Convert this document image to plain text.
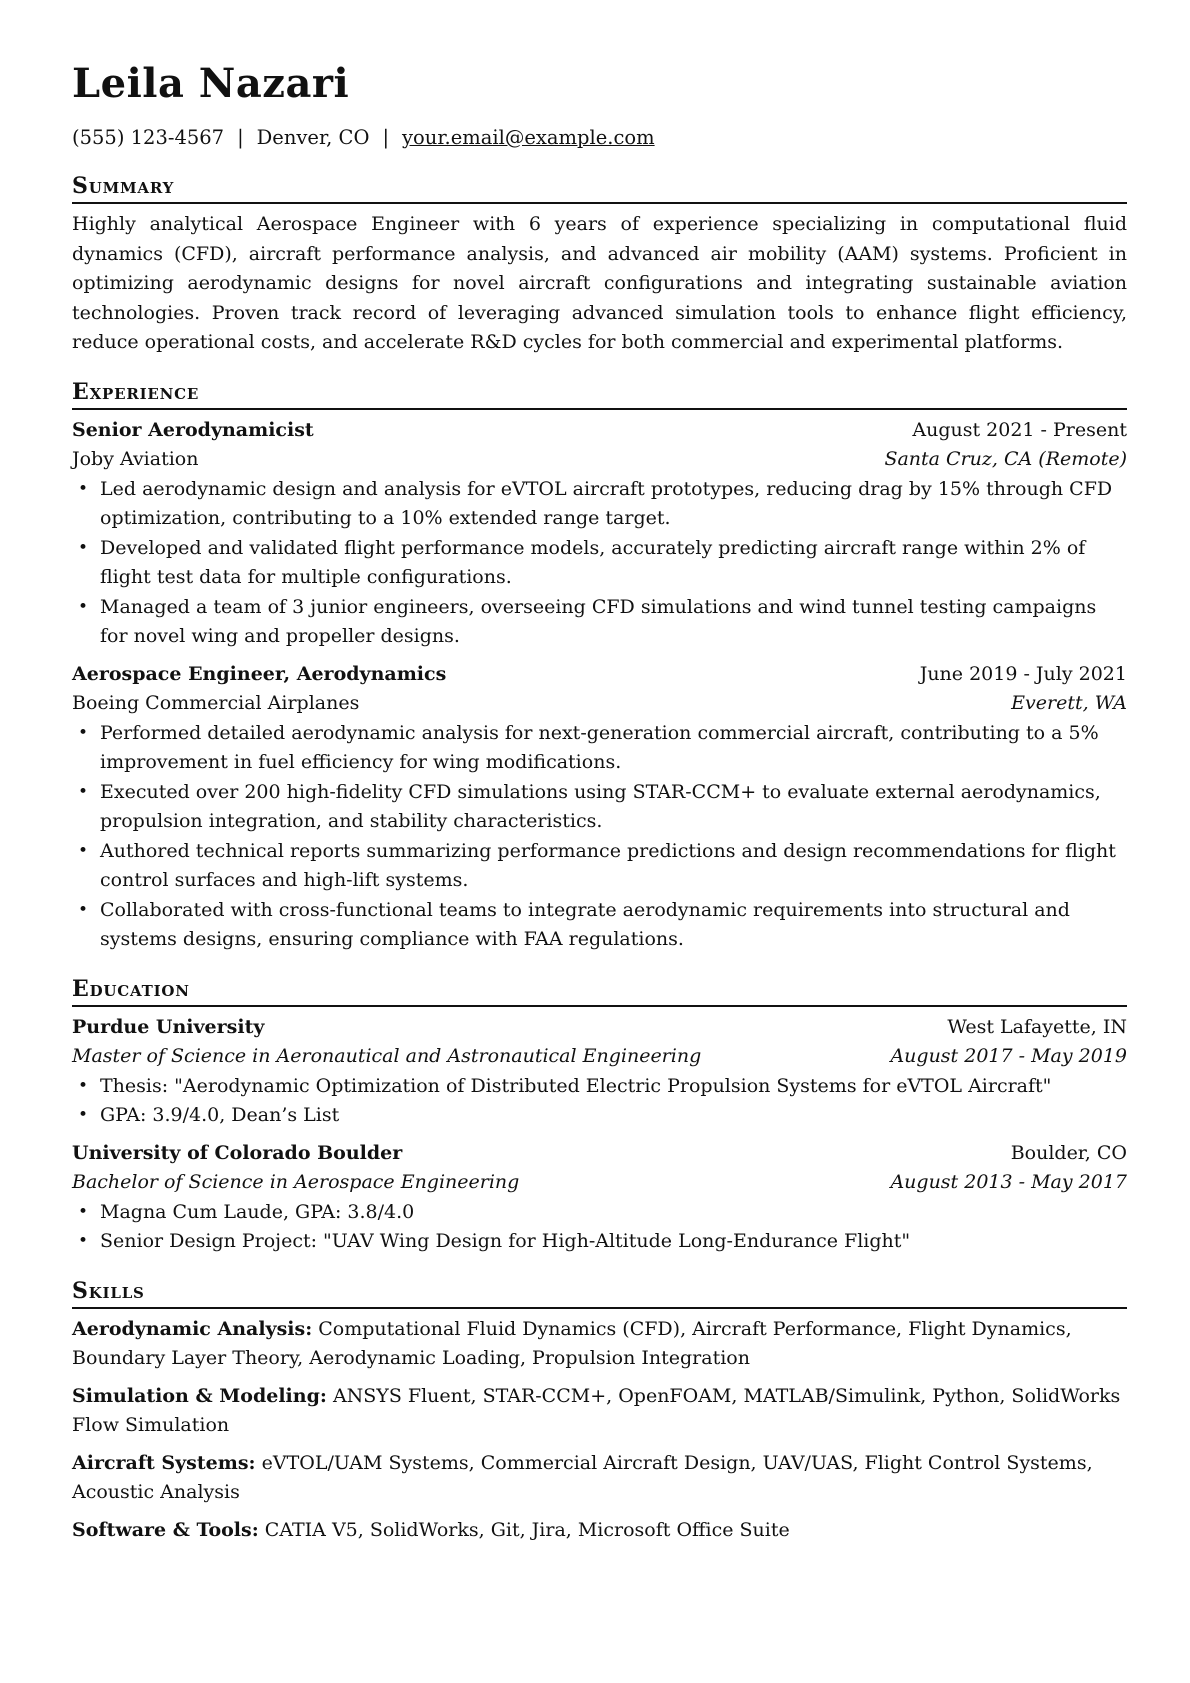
Leila Nazari
(555) 123-4567 | Denver, CO | your.email@example.com
Summary

Highly analytical Aerospace Engineer with 6 years of experience specializing in computational fluid dynamics (CFD), aircraft performance analysis, and advanced air mobility (AAM) systems. Proficient in optimizing aerodynamic designs for novel aircraft configurations and integrating sustainable aviation technologies. Proven track record of leveraging advanced simulation tools to enhance flight efficiency, reduce operational costs, and accelerate R&D cycles for both commercial and experimental platforms.

Experience
Senior Aerodynamicist	August 2021 - Present
Joby Aviation	Santa Cruz, CA (Remote)
• Led aerodynamic design and analysis for eVTOL aircraft prototypes, reducing drag by 15% through CFD optimization, contributing to a 10% extended range target.
• Developed and validated flight performance models, accurately predicting aircraft range within 2% of flight test data for multiple configurations.
• Managed a team of 3 junior engineers, overseeing CFD simulations and wind tunnel testing campaigns for novel wing and propeller designs.
Aerospace Engineer, Aerodynamics	June 2019 - July 2021
Boeing Commercial Airplanes	Everett, WA
• Performed detailed aerodynamic analysis for next-generation commercial aircraft, contributing to a 5% improvement in fuel efficiency for wing modifications.
• Executed over 200 high-fidelity CFD simulations using STAR-CCM+ to evaluate external aerodynamics, propulsion integration, and stability characteristics.
• Authored technical reports summarizing performance predictions and design recommendations for flight control surfaces and high-lift systems.
• Collaborated with cross-functional teams to integrate aerodynamic requirements into structural and systems designs, ensuring compliance with FAA regulations.
Education
Purdue University	West Lafayette, IN
Master of Science in Aeronautical and Astronautical Engineering	August 2017 - May 2019
• Thesis: "Aerodynamic Optimization of Distributed Electric Propulsion Systems for eVTOL Aircraft"
• GPA: 3.9/4.0, Dean’s List
University of Colorado Boulder	Boulder, CO
Bachelor of Science in Aerospace Engineering	August 2013 - May 2017
• Magna Cum Laude, GPA: 3.8/4.0
• Senior Design Project: "UAV Wing Design for High-Altitude Long-Endurance Flight"
Skills

Aerodynamic Analysis: Computational Fluid Dynamics (CFD), Aircraft Performance, Flight Dynamics, Boundary Layer Theory, Aerodynamic Loading, Propulsion Integration

Simulation & Modeling: ANSYS Fluent, STAR-CCM+, OpenFOAM, MATLAB/Simulink, Python, SolidWorks Flow Simulation

Aircraft Systems: eVTOL/UAM Systems, Commercial Aircraft Design, UAV/UAS, Flight Control Systems, Acoustic Analysis

Software & Tools: CATIA V5, SolidWorks, Git, Jira, Microsoft Office Suite
